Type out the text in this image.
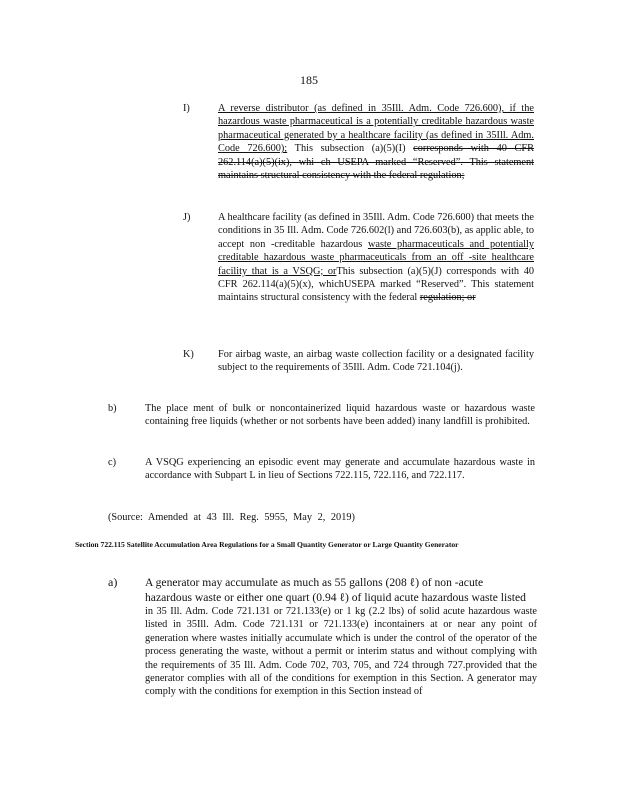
185
I)	A reverse distributor (as defined in 35Ill. Adm. Code 726.600), if the hazardous waste pharmaceutical is a potentially creditable hazardous waste pharmaceutical generated by a healthcare facility (as defined in 35Ill. Adm. Code 726.600); This subsection (a)(5)(I) corresponds with 40 CFR 262.114(a)(5)(ix), whi ch USEPA marked “Reserved”. This statement maintains structural consistency with the federal regulation;
J)	A healthcare facility (as defined in 35Ill. Adm. Code 726.600) that meets the conditions in 35 Ill. Adm. Code 726.602(l) and 726.603(b), as applic able, to accept non -creditable hazardous waste pharmaceuticals and potentially creditable hazardous waste pharmaceuticals from an off -site healthcare facility that is a VSQG; orThis subsection (a)(5)(J) corresponds with 40 CFR 262.114(a)(5)(x), whichUSEPA marked “Reserved”. This statement maintains structural consistency with the federal regulation; or
K) For airbag waste, an airbag waste collection facility or a designated facility subject to the requirements of 35Ill. Adm. Code 721.104(j).
b)	The place ment of bulk or noncontainerized liquid hazardous waste or hazardous waste containing free liquids (whether or not sorbents have been added) inany landfill is prohibited.
c)	A VSQG experiencing an episodic event may generate and accumulate hazardous waste in accordance with Subpart L in lieu of Sections 722.115, 722.116, and 722.117.
(Source: Amended at 43 Ill. Reg. 5955, May 2, 2019)
Section 722.115 Satellite Accumulation Area Regulations for a Small Quantity Generator or Large Quantity Generator
a) A generator may accumulate as much as 55 gallons (208 ℓ) of non -acute
hazardous waste or either one quart (0.94 ℓ) of liquid acute hazardous waste listed
in 35 Ill. Adm. Code 721.131 or 721.133(e) or 1 kg (2.2 lbs) of solid acute hazardous waste listed in 35Ill. Adm. Code 721.131 or 721.133(e) incontainers at or near any point of generation where wastes initially accumulate which is under the control of the operator of the process generating the waste, without a permit or interim status and without complying with the requirements of 35 Ill. Adm. Code 702, 703, 705, and 724 through 727.provided that the generator complies with all of the conditions for exemption in this Section. A generator may comply with the conditions for exemption in this Section instead of
